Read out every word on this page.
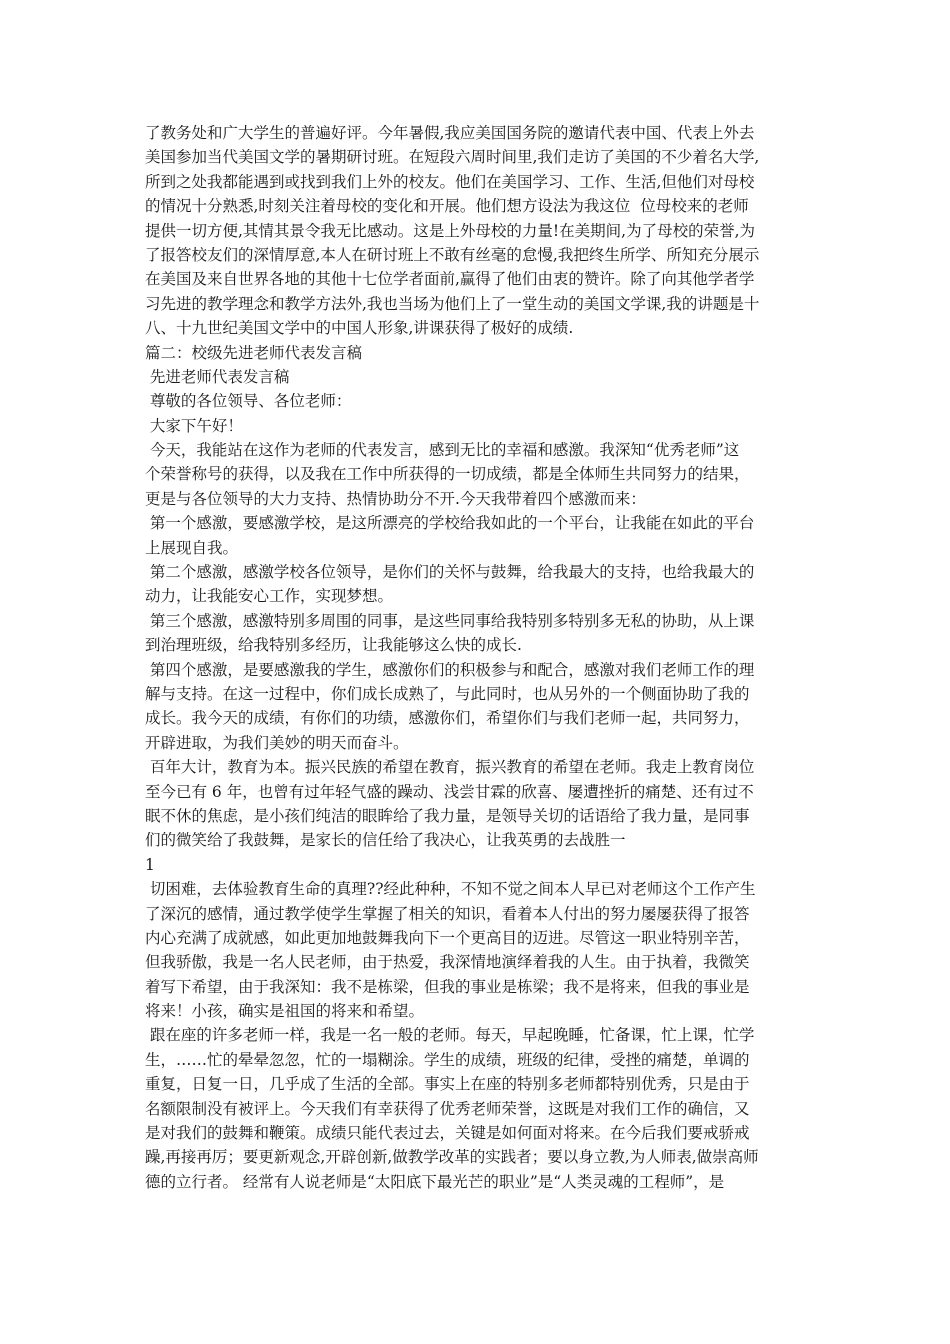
了教务处和广大学生的普遍好评。今年暑假,我应美国国务院的邀请代表中国、代表上外去
美国参加当代美国文学的暑期研讨班。在短段六周时间里,我们走访了美国的不少着名大学,
所到之处我都能遇到或找到我们上外的校友。他们在美国学习、工作、生活,但他们对母校
的情况十分熟悉,时刻关注着母校的变化和开展。他们想方设法为我这位  位母校来的老师
提供一切方便,其情其景令我无比感动。这是上外母校的力量!在美期间,为了母校的荣誉,为
了报答校友们的深情厚意,本人在研讨班上不敢有丝毫的怠慢,我把终生所学、所知充分展示
在美国及来自世界各地的其他十七位学者面前,赢得了他们由衷的赞许。除了向其他学者学
习先进的教学理念和教学方法外,我也当场为他们上了一堂生动的美国文学课,我的讲题是十
八、十九世纪美国文学中的中国人形象,讲课获得了极好的成绩.
篇二：校级先进老师代表发言稿
先进老师代表发言稿
尊敬的各位领导、各位老师：
大家下午好！
今天，我能站在这作为老师的代表发言，感到无比的幸福和感激。我深知“优秀老师”这
个荣誉称号的获得，以及我在工作中所获得的一切成绩，都是全体师生共同努力的结果，
更是与各位领导的大力支持、热情协助分不开.今天我带着四个感激而来：
第一个感激，要感激学校，是这所漂亮的学校给我如此的一个平台，让我能在如此的平台
上展现自我。
第二个感激，感激学校各位领导，是你们的关怀与鼓舞，给我最大的支持，也给我最大的
动力，让我能安心工作，实现梦想。
第三个感激，感激特别多周围的同事，是这些同事给我特别多特别多无私的协助，从上课
到治理班级，给我特别多经历，让我能够这么快的成长.
第四个感激，是要感激我的学生，感激你们的积极参与和配合，感激对我们老师工作的理
解与支持。在这一过程中，你们成长成熟了，与此同时，也从另外的一个侧面协助了我的
成长。我今天的成绩，有你们的功绩，感激你们，希望你们与我们老师一起，共同努力，
开辟进取，为我们美妙的明天而奋斗。
百年大计，教育为本。振兴民族的希望在教育，振兴教育的希望在老师。我走上教育岗位
至今已有 6 年，也曾有过年轻气盛的躁动、浅尝甘霖的欣喜、屡遭挫折的痛楚、还有过不
眠不休的焦虑，是小孩们纯洁的眼眸给了我力量，是领导关切的话语给了我力量，是同事
们的微笑给了我鼓舞，是家长的信任给了我决心，让我英勇的去战胜一
1
切困难，去体验教育生命的真理??经此种种，不知不觉之间本人早已对老师这个工作产生
了深沉的感情，通过教学使学生掌握了相关的知识，看着本人付出的努力屡屡获得了报答
内心充满了成就感，如此更加地鼓舞我向下一个更高目的迈进。尽管这一职业特别辛苦，
但我骄傲，我是一名人民老师，由于热爱，我深情地演绎着我的人生。由于执着，我微笑
着写下希望，由于我深知：我不是栋梁，但我的事业是栋梁；我不是将来，但我的事业是
将来！小孩，确实是祖国的将来和希望。
跟在座的许多老师一样，我是一名一般的老师。每天，早起晚睡，忙备课，忙上课，忙学
生，……忙的晕晕忽忽，忙的一塌糊涂。学生的成绩，班级的纪律，受挫的痛楚，单调的
重复，日复一日，几乎成了生活的全部。事实上在座的特别多老师都特别优秀，只是由于
名额限制没有被评上。今天我们有幸获得了优秀老师荣誉，这既是对我们工作的确信，又
是对我们的鼓舞和鞭策。成绩只能代表过去，关键是如何面对将来。在今后我们要戒骄戒
躁,再接再厉；要更新观念,开辟创新,做教学改革的实践者；要以身立教,为人师表,做崇高师
德的立行者。 经常有人说老师是“太阳底下最光芒的职业”是“人类灵魂的工程师”，是
